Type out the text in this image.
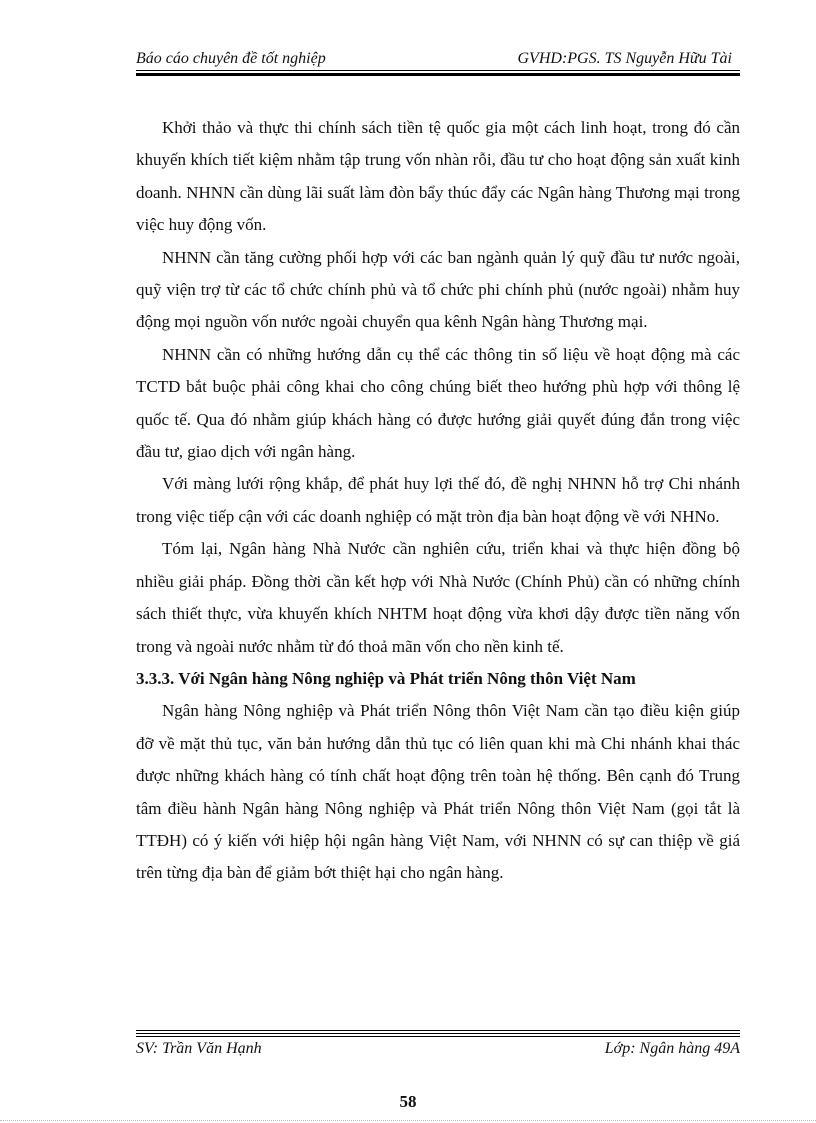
Báo cáo chuyên đề tốt nghiệp	GVHD:PGS. TS Nguyễn Hữu Tài

Khởi thảo và thực thi chính sách tiền tệ quốc gia một cách linh hoạt, trong đó cần khuyến khích tiết kiệm nhằm tập trung vốn nhàn rỗi, đầu tư cho hoạt động sản xuất kinh doanh. NHNN cần dùng lãi suất làm đòn bẩy thúc đẩy các Ngân hàng Thương mại trong việc huy động vốn.

NHNN cần tăng cường phối hợp với các ban ngành quản lý quỹ đầu tư nước ngoài, quỹ viện trợ từ các tổ chức chính phủ và tổ chức phi chính phủ (nước ngoài) nhằm huy động mọi nguồn vốn nước ngoài chuyển qua kênh Ngân hàng Thương mại.

NHNN cần có những hướng dẫn cụ thể các thông tin số liệu về hoạt động mà các TCTD bắt buộc phải công khai cho công chúng biết theo hướng phù hợp với thông lệ quốc tế. Qua đó nhằm giúp khách hàng có được hướng giải quyết đúng đắn trong việc đầu tư, giao dịch với ngân hàng.

Với màng lưới rộng khắp, để phát huy lợi thế đó, đề nghị NHNN hỗ trợ Chi nhánh trong việc tiếp cận với các doanh nghiệp có mặt tròn địa bàn hoạt động về với NHNo.

Tóm lại, Ngân hàng Nhà Nước cần nghiên cứu, triển khai và thực hiện đồng bộ nhiều giải pháp. Đồng thời cần kết hợp với Nhà Nước (Chính Phủ) cần có những chính sách thiết thực, vừa khuyến khích NHTM hoạt động vừa khơi dậy được tiền năng vốn trong và ngoài nước nhằm từ đó thoả mãn vốn cho nền kinh tế.

3.3.3. Với Ngân hàng Nông nghiệp và Phát triển Nông thôn Việt Nam

Ngân hàng Nông nghiệp và Phát triển Nông thôn Việt Nam cần tạo điều kiện giúp đỡ về mặt thủ tục, văn bản hướng dẫn thủ tục có liên quan khi mà Chi nhánh khai thác được những khách hàng có tính chất hoạt động trên toàn hệ thống. Bên cạnh đó Trung tâm điều hành Ngân hàng Nông nghiệp và Phát triển Nông thôn Việt Nam (gọi tắt là TTĐH) có ý kiến với hiệp hội ngân hàng Việt Nam, với NHNN có sự can thiệp về giá trên từng địa bàn để giảm bớt thiệt hại cho ngân hàng.

SV: Trần Văn Hạnh	Lớp: Ngân hàng 49A
58
